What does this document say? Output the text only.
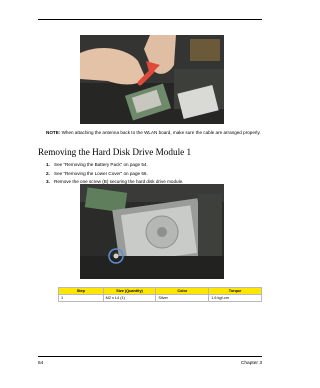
NOTE: When attaching the antenna back to the WLAN board, make sure the cable are arranged properly.
Removing the Hard Disk Drive Module 1
1. See “Removing the Battery Pack” on page 54.
2. See “Removing the Lower Cover” on page 56.
3. Remove the one screw (B) securing the hard disk drive module.
Step	Size (Quantity)	Color	Torque
1	M2 x L4 (1)	Silver	1.6 kgf-cm
64	Chapter 3
